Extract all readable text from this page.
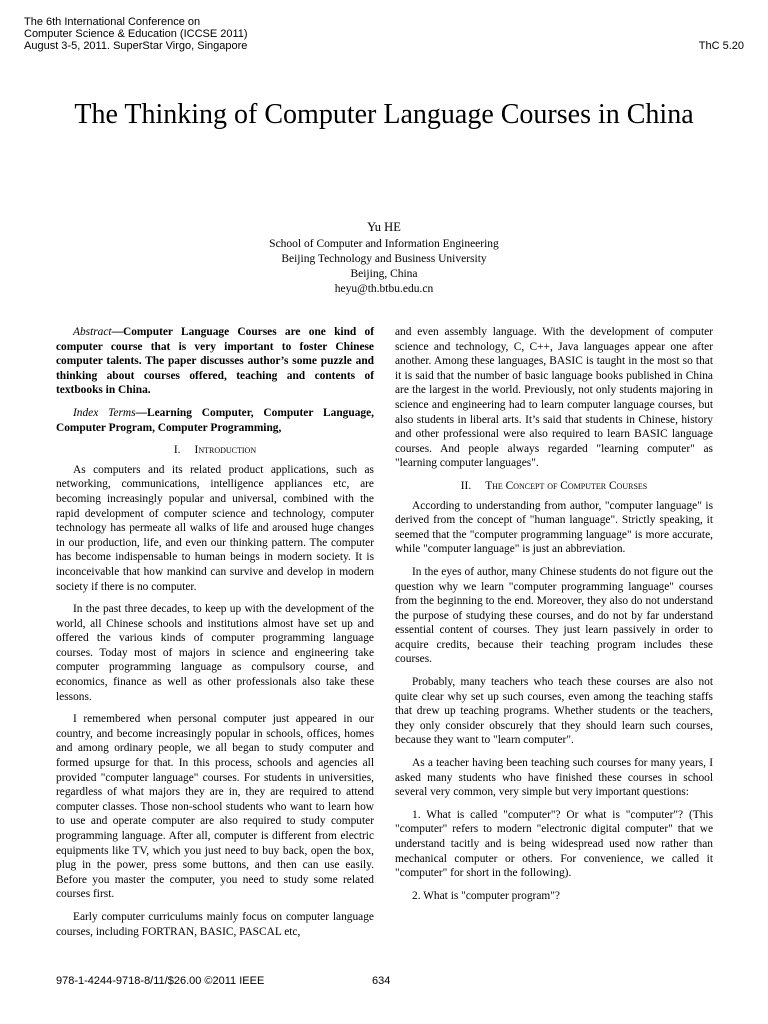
The 6th International Conference on
Computer Science & Education (ICCSE 2011)
August 3-5, 2011. SuperStar Virgo, Singapore	ThC 5.20
The Thinking of Computer Language Courses in China
Yu HE
School of Computer and Information Engineering
Beijing Technology and Business University
Beijing, China
heyu@th.btbu.edu.cn

Abstract—Computer Language Courses are one kind of computer course that is very important to foster Chinese computer talents. The paper discusses author’s some puzzle and thinking about courses offered, teaching and contents of textbooks in China.

Index Terms—Learning Computer, Computer Language, Computer Program, Computer Programming,

I. Introduction

As computers and its related product applications, such as networking, communications, intelligence appliances etc, are becoming increasingly popular and universal, combined with the rapid development of computer science and technology, computer technology has permeate all walks of life and aroused huge changes in our production, life, and even our thinking pattern. The computer has become indispensable to human beings in modern society. It is inconceivable that how mankind can survive and develop in modern society if there is no computer.

In the past three decades, to keep up with the development of the world, all Chinese schools and institutions almost have set up and offered the various kinds of computer programming language courses. Today most of majors in science and engineering take computer programming language as compulsory course, and economics, finance as well as other professionals also take these lessons.

I remembered when personal computer just appeared in our country, and become increasingly popular in schools, offices, homes and among ordinary people, we all began to study computer and formed upsurge for that. In this process, schools and agencies all provided "computer language" courses. For students in universities, regardless of what majors they are in, they are required to attend computer classes. Those non-school students who want to learn how to use and operate computer are also required to study computer programming language. After all, computer is different from electric equipments like TV, which you just need to buy back, open the box, plug in the power, press some buttons, and then can use easily. Before you master the computer, you need to study some related courses first.

Early computer curriculums mainly focus on computer language courses, including FORTRAN, BASIC, PASCAL etc,

and even assembly language. With the development of computer science and technology, C, C++, Java languages appear one after another. Among these languages, BASIC is taught in the most so that it is said that the number of basic language books published in China are the largest in the world. Previously, not only students majoring in science and engineering had to learn computer language courses, but also students in liberal arts. It’s said that students in Chinese, history and other professional were also required to learn BASIC language courses. And people always regarded "learning computer" as "learning computer languages".

II. The Concept of Computer Courses

According to understanding from author, "computer language" is derived from the concept of "human language". Strictly speaking, it seemed that the "computer programming language" is more accurate, while "computer language" is just an abbreviation.

In the eyes of author, many Chinese students do not figure out the question why we learn "computer programming language" courses from the beginning to the end. Moreover, they also do not understand the purpose of studying these courses, and do not by far understand essential content of courses. They just learn passively in order to acquire credits, because their teaching program includes these courses.

Probably, many teachers who teach these courses are also not quite clear why set up such courses, even among the teaching staffs that drew up teaching programs. Whether students or the teachers, they only consider obscurely that they should learn such courses, because they want to "learn computer".

As a teacher having been teaching such courses for many years, I asked many students who have finished these courses in school several very common, very simple but very important questions:

1. What is called "computer"? Or what is "computer"? (This "computer" refers to modern "electronic digital computer" that we understand tacitly and is being widespread used now rather than mechanical computer or others. For convenience, we called it "computer" for short in the following).

2. What is "computer program"?

978-1-4244-9718-8/11/$26.00 ©2011 IEEE	634
